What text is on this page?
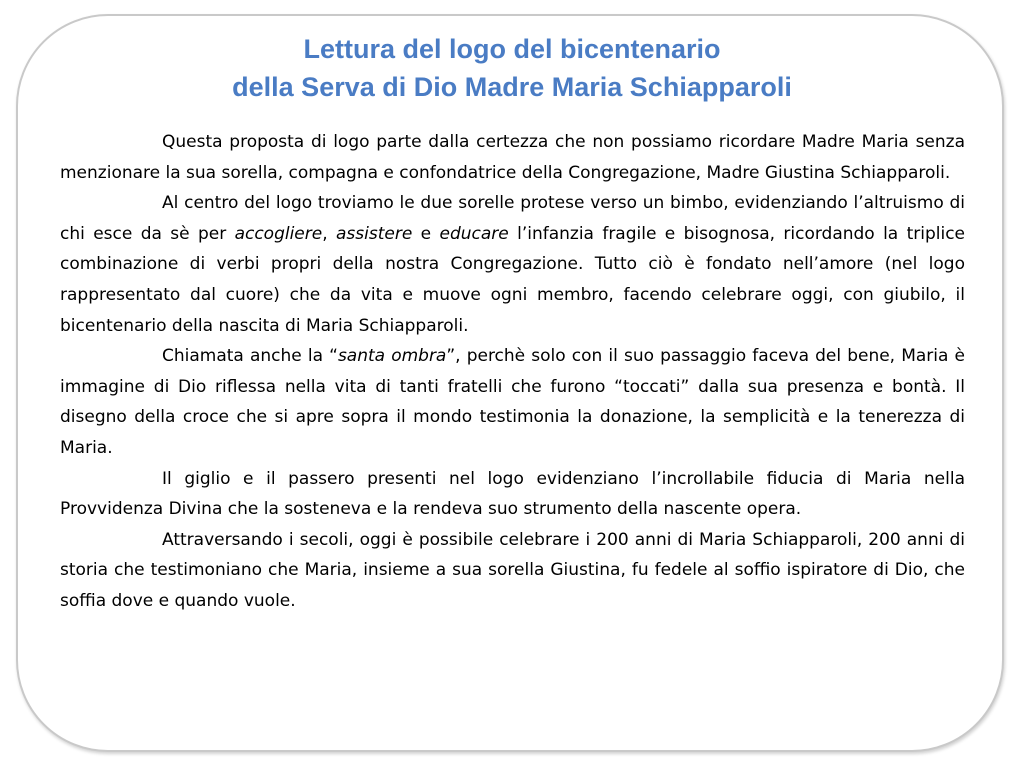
Lettura del logo del bicentenario
della Serva di Dio Madre Maria Schiapparoli

Questa proposta di logo parte dalla certezza che non possiamo ricordare Madre Maria senza menzionare la sua sorella, compagna e confondatrice della Congregazione, Madre Giustina Schiapparoli.

Al centro del logo troviamo le due sorelle protese verso un bimbo, evidenziando l’altruismo di chi esce da sè per accogliere, assistere e educare l’infanzia fragile e bisognosa, ricordando la triplice combinazione di verbi propri della nostra Congregazione. Tutto ciò è fondato nell’amore (nel logo rappresentato dal cuore) che da vita e muove ogni membro, facendo celebrare oggi, con giubilo, il bicentenario della nascita di Maria Schiapparoli.

Chiamata anche la “santa ombra”, perchè solo con il suo passaggio faceva del bene, Maria è immagine di Dio riflessa nella vita di tanti fratelli che furono “toccati” dalla sua presenza e bontà. Il disegno della croce che si apre sopra il mondo testimonia la donazione, la semplicità e la tenerezza di Maria.

Il giglio e il passero presenti nel logo evidenziano l’incrollabile fiducia di Maria nella Provvidenza Divina che la sosteneva e la rendeva suo strumento della nascente opera.

Attraversando i secoli, oggi è possibile celebrare i 200 anni di Maria Schiapparoli, 200 anni di storia che testimoniano che Maria, insieme a sua sorella Giustina, fu fedele al soffio ispiratore di Dio, che soffia dove e quando vuole.
